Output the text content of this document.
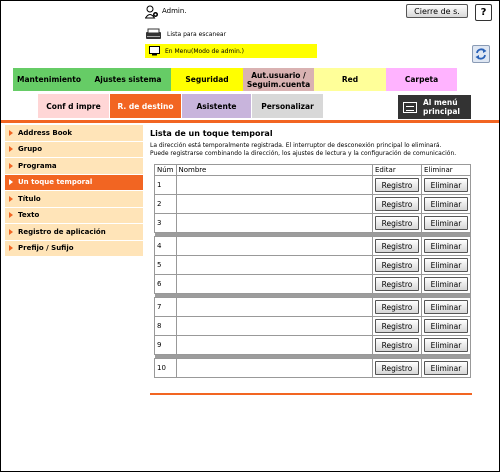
Admin.	Cierre de s.	?
Lista para escanear
En Menu(Modo de admin.)
Mantenimiento Ajustes sistema	Seguridad	Aut.usuario / Seguim.cuenta	Red	Carpeta
Conf d impre R. de destino	Asistente	Personalizar	Al menú
principal
Address Book
Grupo
Programa
Un toque temporal
Título
Texto
Registro de aplicación
Prefijo / Sufijo
Lista de un toque temporal
La dirección está temporalmente registrada. El interruptor de desconexión principal lo eliminará.
Puede registrarse combinando la dirección, los ajustes de lectura y la configuración de comunicación.
Núm	Nombre	Editar	Eliminar
1		Registro	Eliminar

2		Registro	Eliminar

3		Registro	Eliminar

4		Registro	Eliminar

5		Registro	Eliminar

6		Registro	Eliminar

7		Registro	Eliminar

8		Registro	Eliminar

9		Registro	Eliminar

10		Registro	Eliminar
